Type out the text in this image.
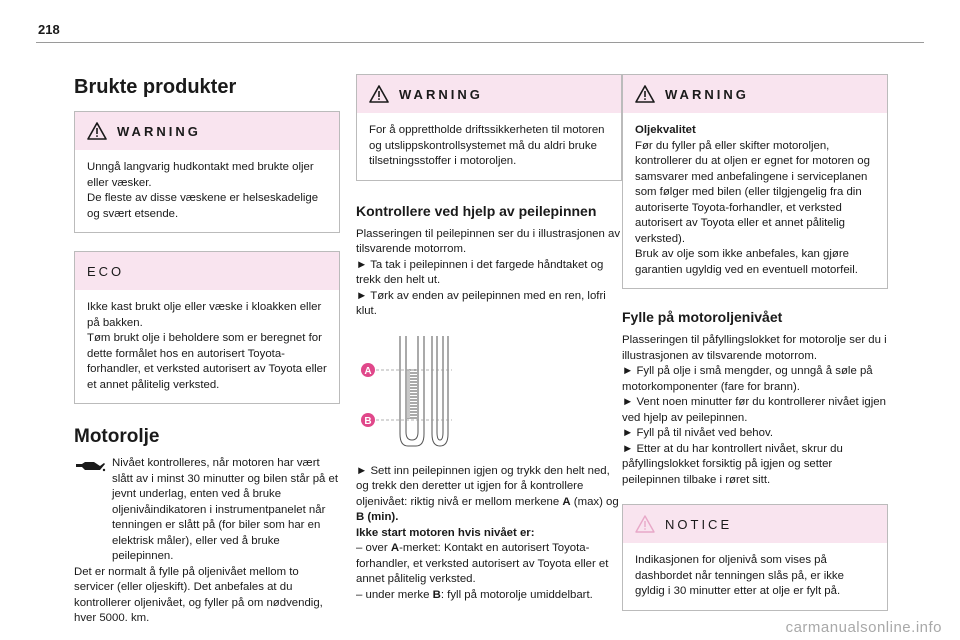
218
Brukte produkter
WARNING

Unngå langvarig hudkontakt med brukte oljer eller væsker.

De fleste av disse væskene er helseskadelige og svært etsende.

ECO

Ikke kast brukt olje eller væske i kloakken eller på bakken.

Tøm brukt olje i beholdere som er beregnet for dette formålet hos en autorisert Toyota-forhandler, et verksted autorisert av Toyota eller et annet pålitelig verksted.

Motorolje

Nivået kontrolleres, når motoren har vært slått av i minst 30 minutter og bilen står på et jevnt underlag, enten ved å bruke oljenivåindikatoren i instrumentpanelet når tenningen er slått på (for biler som har en elektrisk måler), eller ved å bruke peilepinnen.

Det er normalt å fylle på oljenivået mellom to servicer (eller oljeskift). Det anbefales at du kontrollerer oljenivået, og fyller på om nødvendig, hver 5000. km.

WARNING

For å opprettholde driftssikkerheten til motoren og utslippskontrollsystemet må du aldri bruke tilsetningsstoffer i motoroljen.

Kontrollere ved hjelp av peilepinnen

Plasseringen til peilepinnen ser du i illustrasjonen av tilsvarende motorrom.

► Ta tak i peilepinnen i det fargede håndtaket og trekk den helt ut.

► Tørk av enden av peilepinnen med en ren, lofri klut.

A
B

► Sett inn peilepinnen igjen og trykk den helt ned, og trekk den deretter ut igjen for å kontrollere oljenivået: riktig nivå er mellom merkene A (max) og B (min).

Ikke start motoren hvis nivået er:

– over A-merket: Kontakt en autorisert Toyota-forhandler, et verksted autorisert av Toyota eller et annet pålitelig verksted.

– under merke B: fyll på motorolje umiddelbart.

WARNING

Oljekvalitet

Før du fyller på eller skifter motoroljen, kontrollerer du at oljen er egnet for motoren og samsvarer med anbefalingene i serviceplanen som følger med bilen (eller tilgjengelig fra din autoriserte Toyota-forhandler, et verksted autorisert av Toyota eller et annet pålitelig verksted).

Bruk av olje som ikke anbefales, kan gjøre garantien ugyldig ved en eventuell motorfeil.

Fylle på motoroljenivået

Plasseringen til påfyllingslokket for motorolje ser du i illustrasjonen av tilsvarende motorrom.

► Fyll på olje i små mengder, og unngå å søle på motorkomponenter (fare for brann).

► Vent noen minutter før du kontrollerer nivået igjen ved hjelp av peilepinnen.

► Fyll på til nivået ved behov.

► Etter at du har kontrollert nivået, skrur du påfyllingslokket forsiktig på igjen og setter peilepinnen tilbake i røret sitt.

NOTICE

Indikasjonen for oljenivå som vises på dashbordet når tenningen slås på, er ikke gyldig i 30 minutter etter at olje er fylt på.

carmanualsonline.info
